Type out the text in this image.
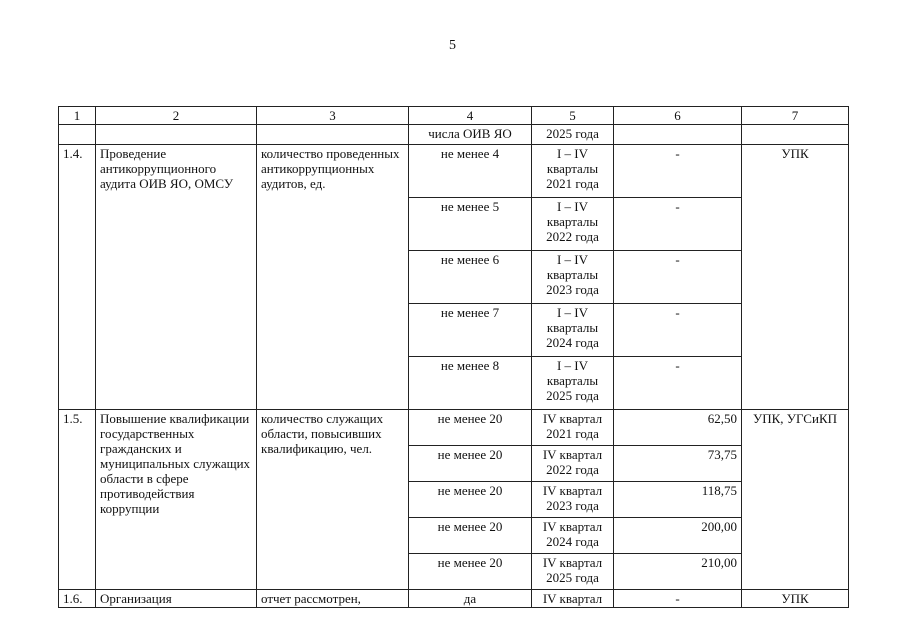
5
1	2	3	4	5	6	7
			числа ОИВ ЯО	2025 года		
1.4.	Проведение антикоррупционного аудита ОИВ ЯО, ОМСУ	количество проведенных антикоррупционных аудитов, ед.	не менее 4	I – IV кварталы 2021 года	-	УПК
			не менее 5	I – IV кварталы 2022 года	-	
			не менее 6	I – IV кварталы 2023 года	-	
			не менее 7	I – IV кварталы 2024 года	-	
			не менее 8	I – IV кварталы 2025 года	-	
1.5.	Повышение квалификации государственных гражданских и муниципальных служащих области в сфере противодействия коррупции	количество служащих области, повысивших квалификацию, чел.	не менее 20	IV квартал 2021 года	62,50	УПК, УГСиКП
			не менее 20	IV квартал 2022 года	73,75	
			не менее 20	IV квартал 2023 года	118,75	
			не менее 20	IV квартал 2024 года	200,00	
			не менее 20	IV квартал 2025 года	210,00	
1.6.	Организация	отчет рассмотрен,	да	IV квартал	-	УПК
